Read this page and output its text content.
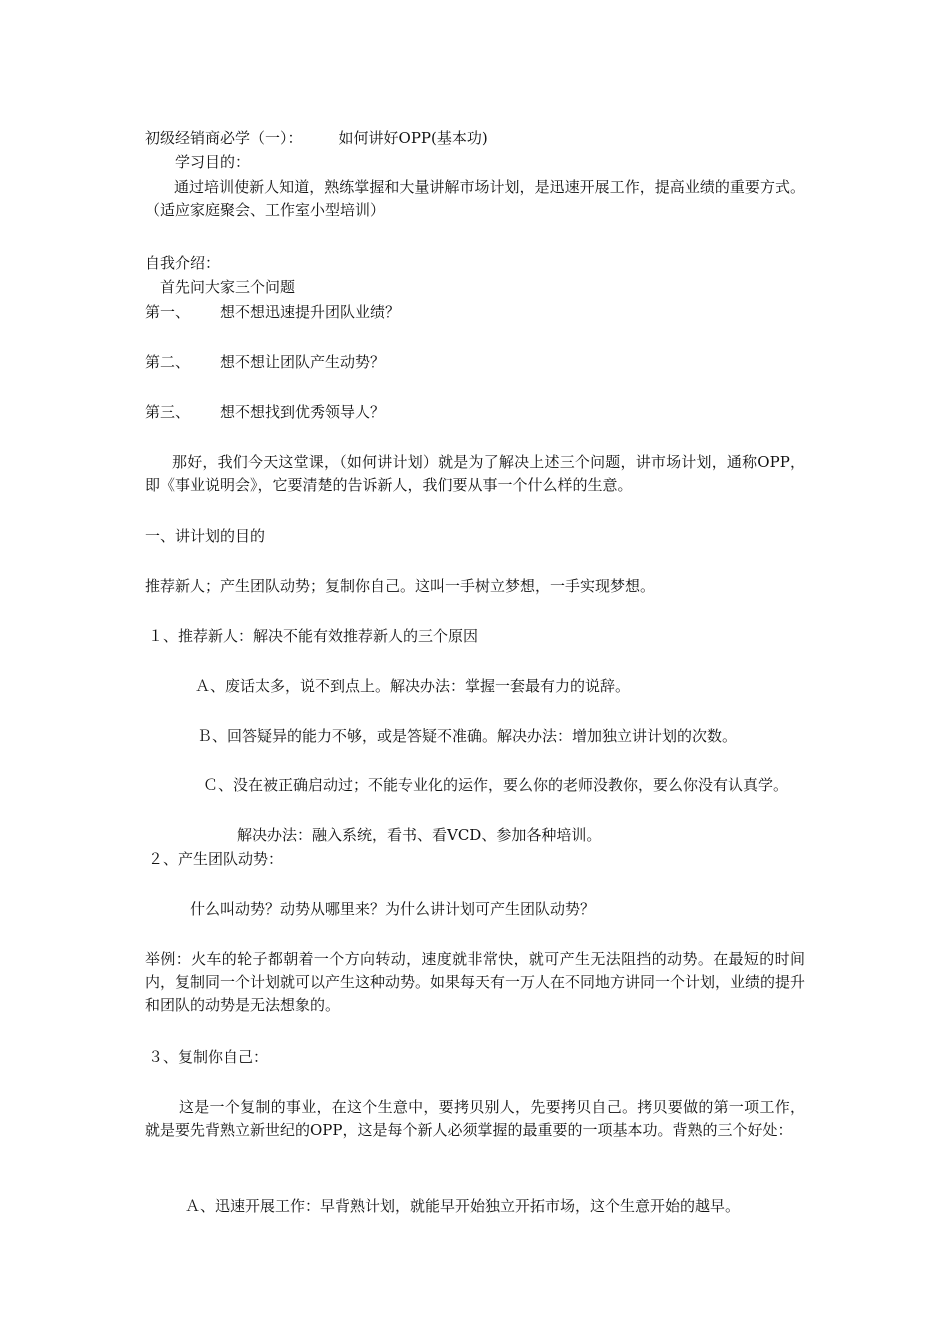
初级经销商必学（一）： 如何讲好OPP(基本功)
学习目的：
通过培训使新人知道，熟练掌握和大量讲解市场计划，是迅速开展工作，提高业绩的重要方式。（适应家庭聚会、工作室小型培训）
自我介绍：
首先问大家三个问题
第一、 想不想迅速提升团队业绩？
第二、 想不想让团队产生动势？
第三、 想不想找到优秀领导人？
那好，我们今天这堂课，（如何讲计划）就是为了解决上述三个问题，讲市场计划，通称OPP，即《事业说明会》，它要清楚的告诉新人，我们要从事一个什么样的生意。
一、讲计划的目的
推荐新人；产生团队动势；复制你自己。这叫一手树立梦想，一手实现梦想。
１、推荐新人：解决不能有效推荐新人的三个原因
Ａ、废话太多，说不到点上。解决办法：掌握一套最有力的说辞。
Ｂ、回答疑异的能力不够，或是答疑不准确。解决办法：增加独立讲计划的次数。
Ｃ、没在被正确启动过；不能专业化的运作，要么你的老师没教你，要么你没有认真学。
解决办法：融入系统，看书、看VCD、参加各种培训。
２、产生团队动势：
什么叫动势？动势从哪里来？为什么讲计划可产生团队动势？
举例：火车的轮子都朝着一个方向转动，速度就非常快，就可产生无法阻挡的动势。在最短的时间内，复制同一个计划就可以产生这种动势。如果每天有一万人在不同地方讲同一个计划，业绩的提升和团队的动势是无法想象的。
３、复制你自己：
这是一个复制的事业，在这个生意中，要拷贝别人，先要拷贝自己。拷贝要做的第一项工作，就是要先背熟立新世纪的OPP，这是每个新人必须掌握的最重要的一项基本功。背熟的三个好处：
Ａ、迅速开展工作：早背熟计划，就能早开始独立开拓市场，这个生意开始的越早。
